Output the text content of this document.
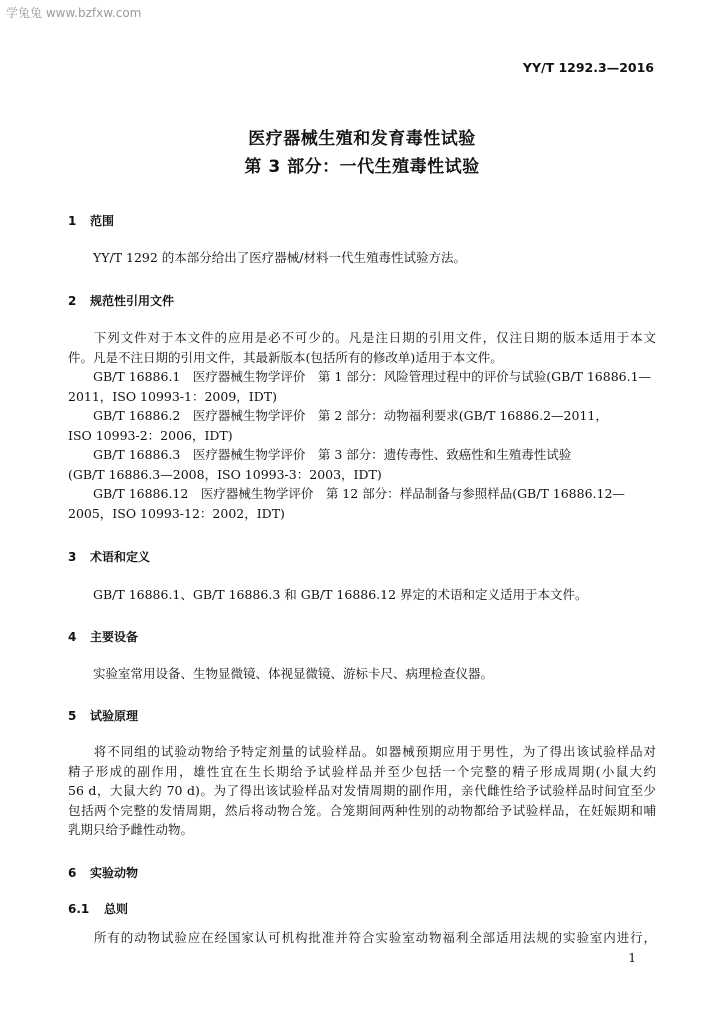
学兔兔 www.bzfxw.com
YY/T 1292.3—2016
医疗器械生殖和发育毒性试验
第 3 部分：一代生殖毒性试验
1 范围
YY/T 1292 的本部分给出了医疗器械/材料一代生殖毒性试验方法。
2 规范性引用文件
下列文件对于本文件的应用是必不可少的。凡是注日期的引用文件，仅注日期的版本适用于本文
件。凡是不注日期的引用文件，其最新版本(包括所有的修改单)适用于本文件。
GB/T 16886.1　医疗器械生物学评价　第 1 部分：风险管理过程中的评价与试验(GB/T 16886.1—
2011，ISO 10993-1：2009，IDT)
GB/T 16886.2　医疗器械生物学评价　第 2 部分：动物福利要求(GB/T 16886.2—2011，
ISO 10993-2：2006，IDT)
GB/T 16886.3　医疗器械生物学评价　第 3 部分：遗传毒性、致癌性和生殖毒性试验
(GB/T 16886.3—2008，ISO 10993-3：2003，IDT)
GB/T 16886.12　医疗器械生物学评价　第 12 部分：样品制备与参照样品(GB/T 16886.12—
2005，ISO 10993-12：2002，IDT)
3 术语和定义
GB/T 16886.1、GB/T 16886.3 和 GB/T 16886.12 界定的术语和定义适用于本文件。
4 主要设备
实验室常用设备、生物显微镜、体视显微镜、游标卡尺、病理检查仪器。
5 试验原理
将不同组的试验动物给予特定剂量的试验样品。如器械预期应用于男性，为了得出该试验样品对
精子形成的副作用，雄性宜在生长期给予试验样品并至少包括一个完整的精子形成周期(小鼠大约
56 d，大鼠大约 70 d)。为了得出该试验样品对发情周期的副作用，亲代雌性给予试验样品时间宜至少
包括两个完整的发情周期，然后将动物合笼。合笼期间两种性别的动物都给予试验样品，在妊娠期和哺
乳期只给予雌性动物。
6 实验动物
6.1 总则
所有的动物试验应在经国家认可机构批准并符合实验室动物福利全部适用法规的实验室内进行，
1
